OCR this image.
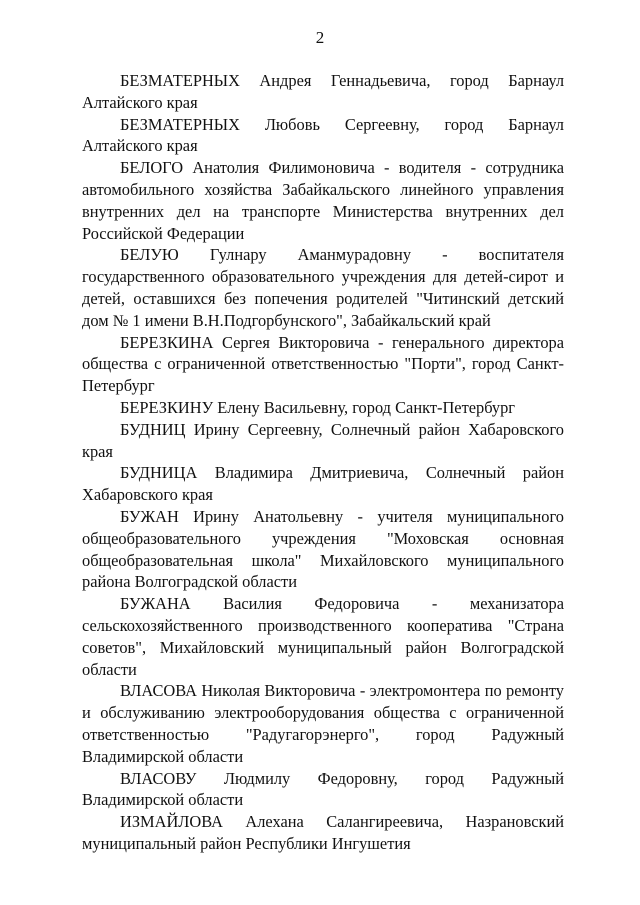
2

БЕЗМАТЕРНЫХ Андрея Геннадьевича, город Барнаул Алтайского края

БЕЗМАТЕРНЫХ Любовь Сергеевну, город Барнаул Алтайского края

БЕЛОГО Анатолия Филимоновича - водителя - сотрудника автомобильного хозяйства Забайкальского линейного управления внутренних дел на транспорте Министерства внутренних дел Российской Федерации

БЕЛУЮ Гулнару Аманмурадовну - воспитателя государственного образовательного учреждения для детей-сирот и детей, оставшихся без попечения родителей "Читинский детский дом № 1 имени В.Н.Подгорбунского", Забайкальский край

БЕРЕЗКИНА Сергея Викторовича - генерального директора общества с ограниченной ответственностью "Порти", город Санкт-Петербург

БЕРЕЗКИНУ Елену Васильевну, город Санкт-Петербург

БУДНИЦ Ирину Сергеевну, Солнечный район Хабаровского края

БУДНИЦА Владимира Дмитриевича, Солнечный район Хабаровского края

БУЖАН Ирину Анатольевну - учителя муниципального общеобразовательного учреждения "Моховская основная общеобразовательная школа" Михайловского муниципального района Волгоградской области

БУЖАНА Василия Федоровича - механизатора сельскохозяйственного производственного кооператива "Страна советов", Михайловский муниципальный район Волгоградской области

ВЛАСОВА Николая Викторовича - электромонтера по ремонту и обслуживанию электрооборудования общества с ограниченной ответственностью "Радугагорэнерго", город Радужный Владимирской области

ВЛАСОВУ Людмилу Федоровну, город Радужный Владимирской области

ИЗМАЙЛОВА Алехана Салангиреевича, Назрановский муниципальный район Республики Ингушетия
